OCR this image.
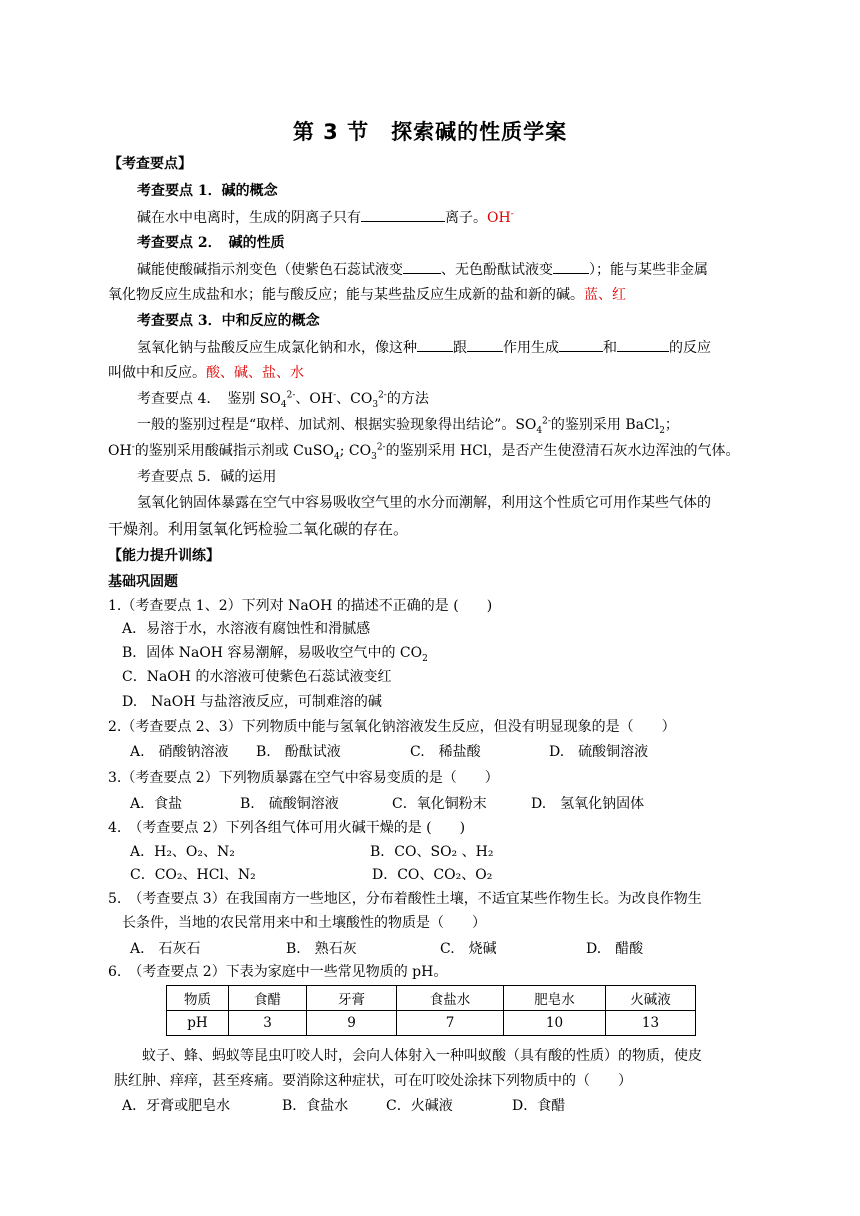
第 3 节　探索碱的性质学案
【考查要点】
考查要点 1．碱的概念
碱在水中电离时，生成的阴离子只有	离子。OH-
考查要点 2．　碱的性质
碱能使酸碱指示剂变色（使紫色石蕊试液变	、无色酚酞试液变	）；能与某些非金属
氧化物反应生成盐和水；能与酸反应；能与某些盐反应生成新的盐和新的碱。蓝、红
考查要点 3．中和反应的概念
氢氧化钠与盐酸反应生成氯化钠和水，像这种	跟	作用生成	和	的反应
叫做中和反应。酸、碱、盐、水
考查要点 4．　鉴别 $SO_4^{2-}$、OH-、$CO_3^{2-}$的方法
一般的鉴别过程是“取样、加试剂、根据实验现象得出结论”。$SO_4^{2-}$的鉴别采用 BaCl$_2$；
OH-的鉴别采用酸碱指示剂或 CuSO$_4$; $CO_3^{2-}$的鉴别采用 HCl，是否产生使澄清石灰水边浑浊的气体。
考查要点 5．碱的运用
氢氧化钠固体暴露在空气中容易吸收空气里的水分而潮解，利用这个性质它可用作某些气体的
干燥剂。利用氢氧化钙检验二氧化碳的存在。
【能力提升训练】
基础巩固题
1.（考查要点 1、2）下列对 NaOH 的描述不正确的是 (　　)
A．易溶于水，水溶液有腐蚀性和滑腻感
B．固体 NaOH 容易潮解，易吸收空气中的 $CO_2$
C．NaOH 的水溶液可使紫色石蕊试液变红
D.　NaOH 与盐溶液反应，可制难溶的碱
2.（考查要点 2、3）下列物质中能与氢氧化钠溶液发生反应，但没有明显现象的是（　　）
A.　硝酸钠溶液 B.　酚酞试液	C.　稀盐酸	D.　硫酸铜溶液
3.（考查要点 2）下列物质暴露在空气中容易变质的是（　　）
A．食盐	B.　硫酸铜溶液	C．氧化铜粉末	D.　氢氧化钠固体
4.　（考查要点 2）下列各组气体可用火碱干燥的是 (　　)
A．H₂、O₂、N₂	B．CO、SO₂ 、H₂
C．CO₂、HCl、N₂	D．CO、CO₂、O₂
5.　（考查要点 3）在我国南方一些地区，分布着酸性土壤，不适宜某些作物生长。为改良作物生
长条件，当地的农民常用来中和土壤酸性的物质是（　　）
A.　石灰石	B.　熟石灰	C.　烧碱	D.　醋酸
6.　（考查要点 2）下表为家庭中一些常见物质的 pH。
物质	食醋	牙膏	食盐水	肥皂水	火碱液
pH	3	9	7	10	13
蚊子、蜂、蚂蚁等昆虫叮咬人时，会向人体射入一种叫蚁酸（具有酸的性质）的物质，使皮
肤红肿、痒痒，甚至疼痛。要消除这种症状，可在叮咬处涂抹下列物质中的（　　）
A．牙膏或肥皂水	B．食盐水	C．火碱液	D．食醋
